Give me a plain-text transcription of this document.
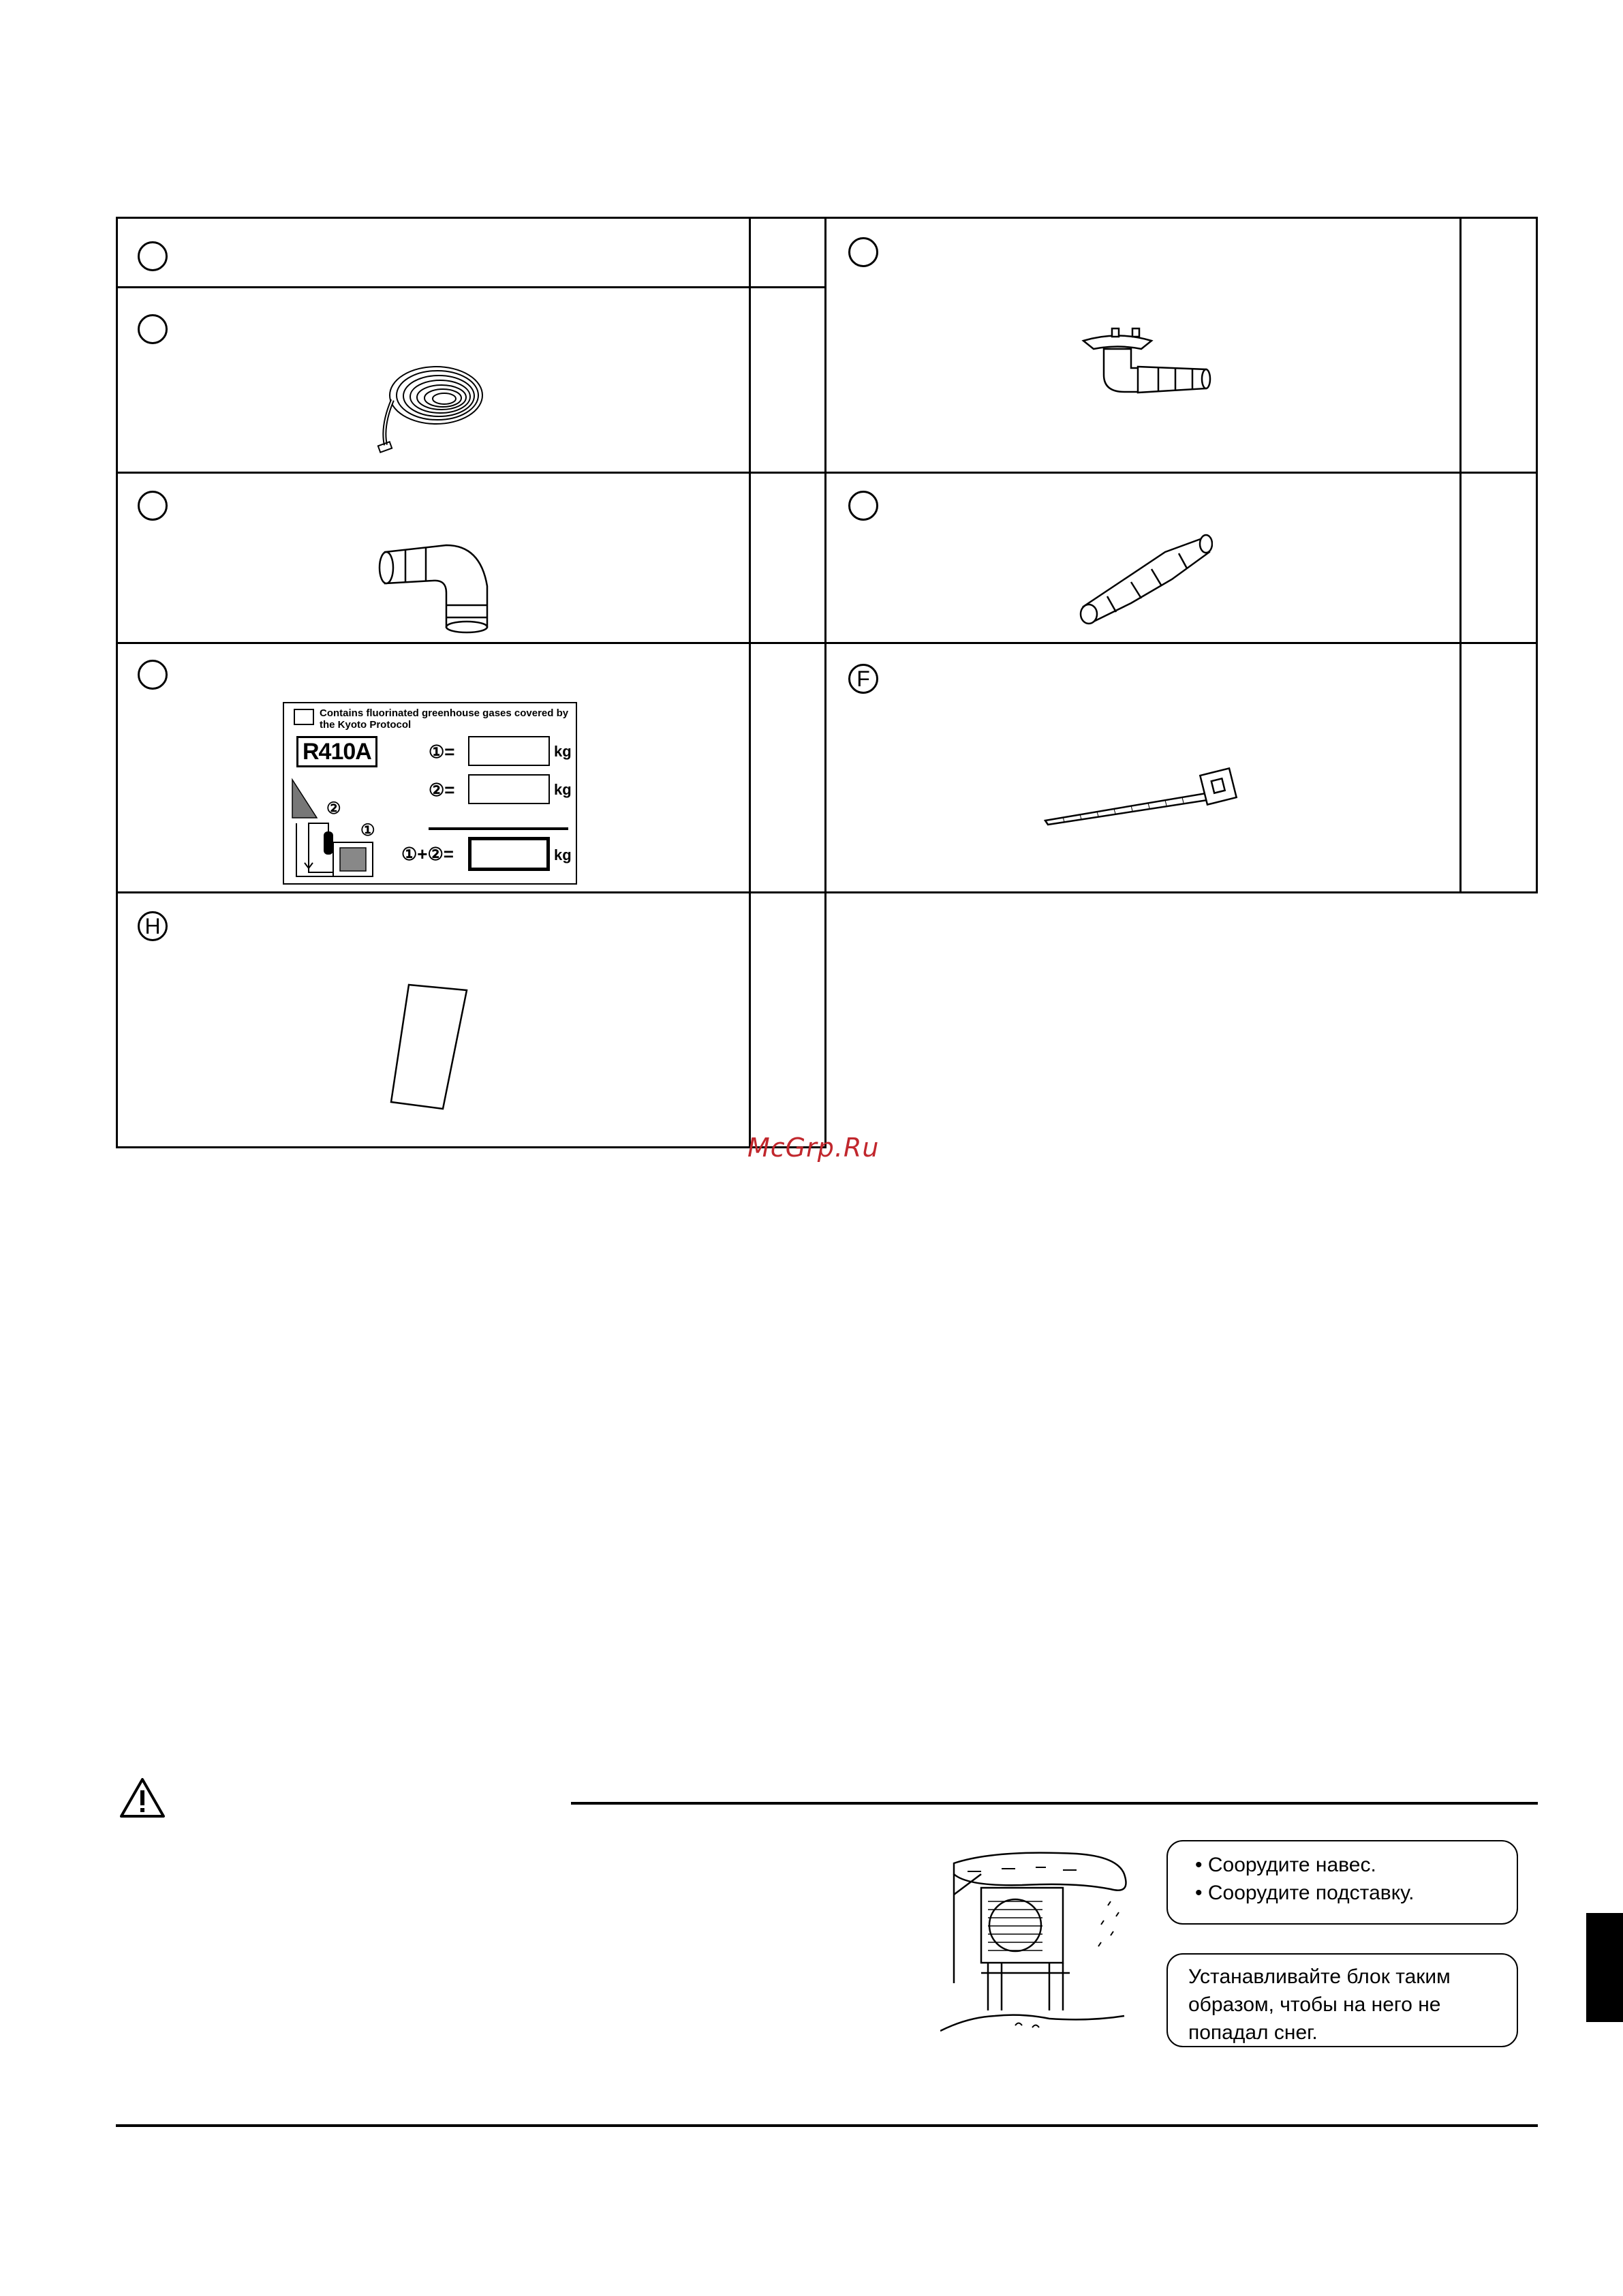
F
H
Contains fluorinated greenhouse gases covered by the Kyoto Protocol
R410A	①=	kg
②=	kg
①+②=	kg
②
①
McGrp.Ru
• Соорудите навес.
• Соорудите подставку.
Устанавливайте блок таким
образом, чтобы на него не
попадал снег.
